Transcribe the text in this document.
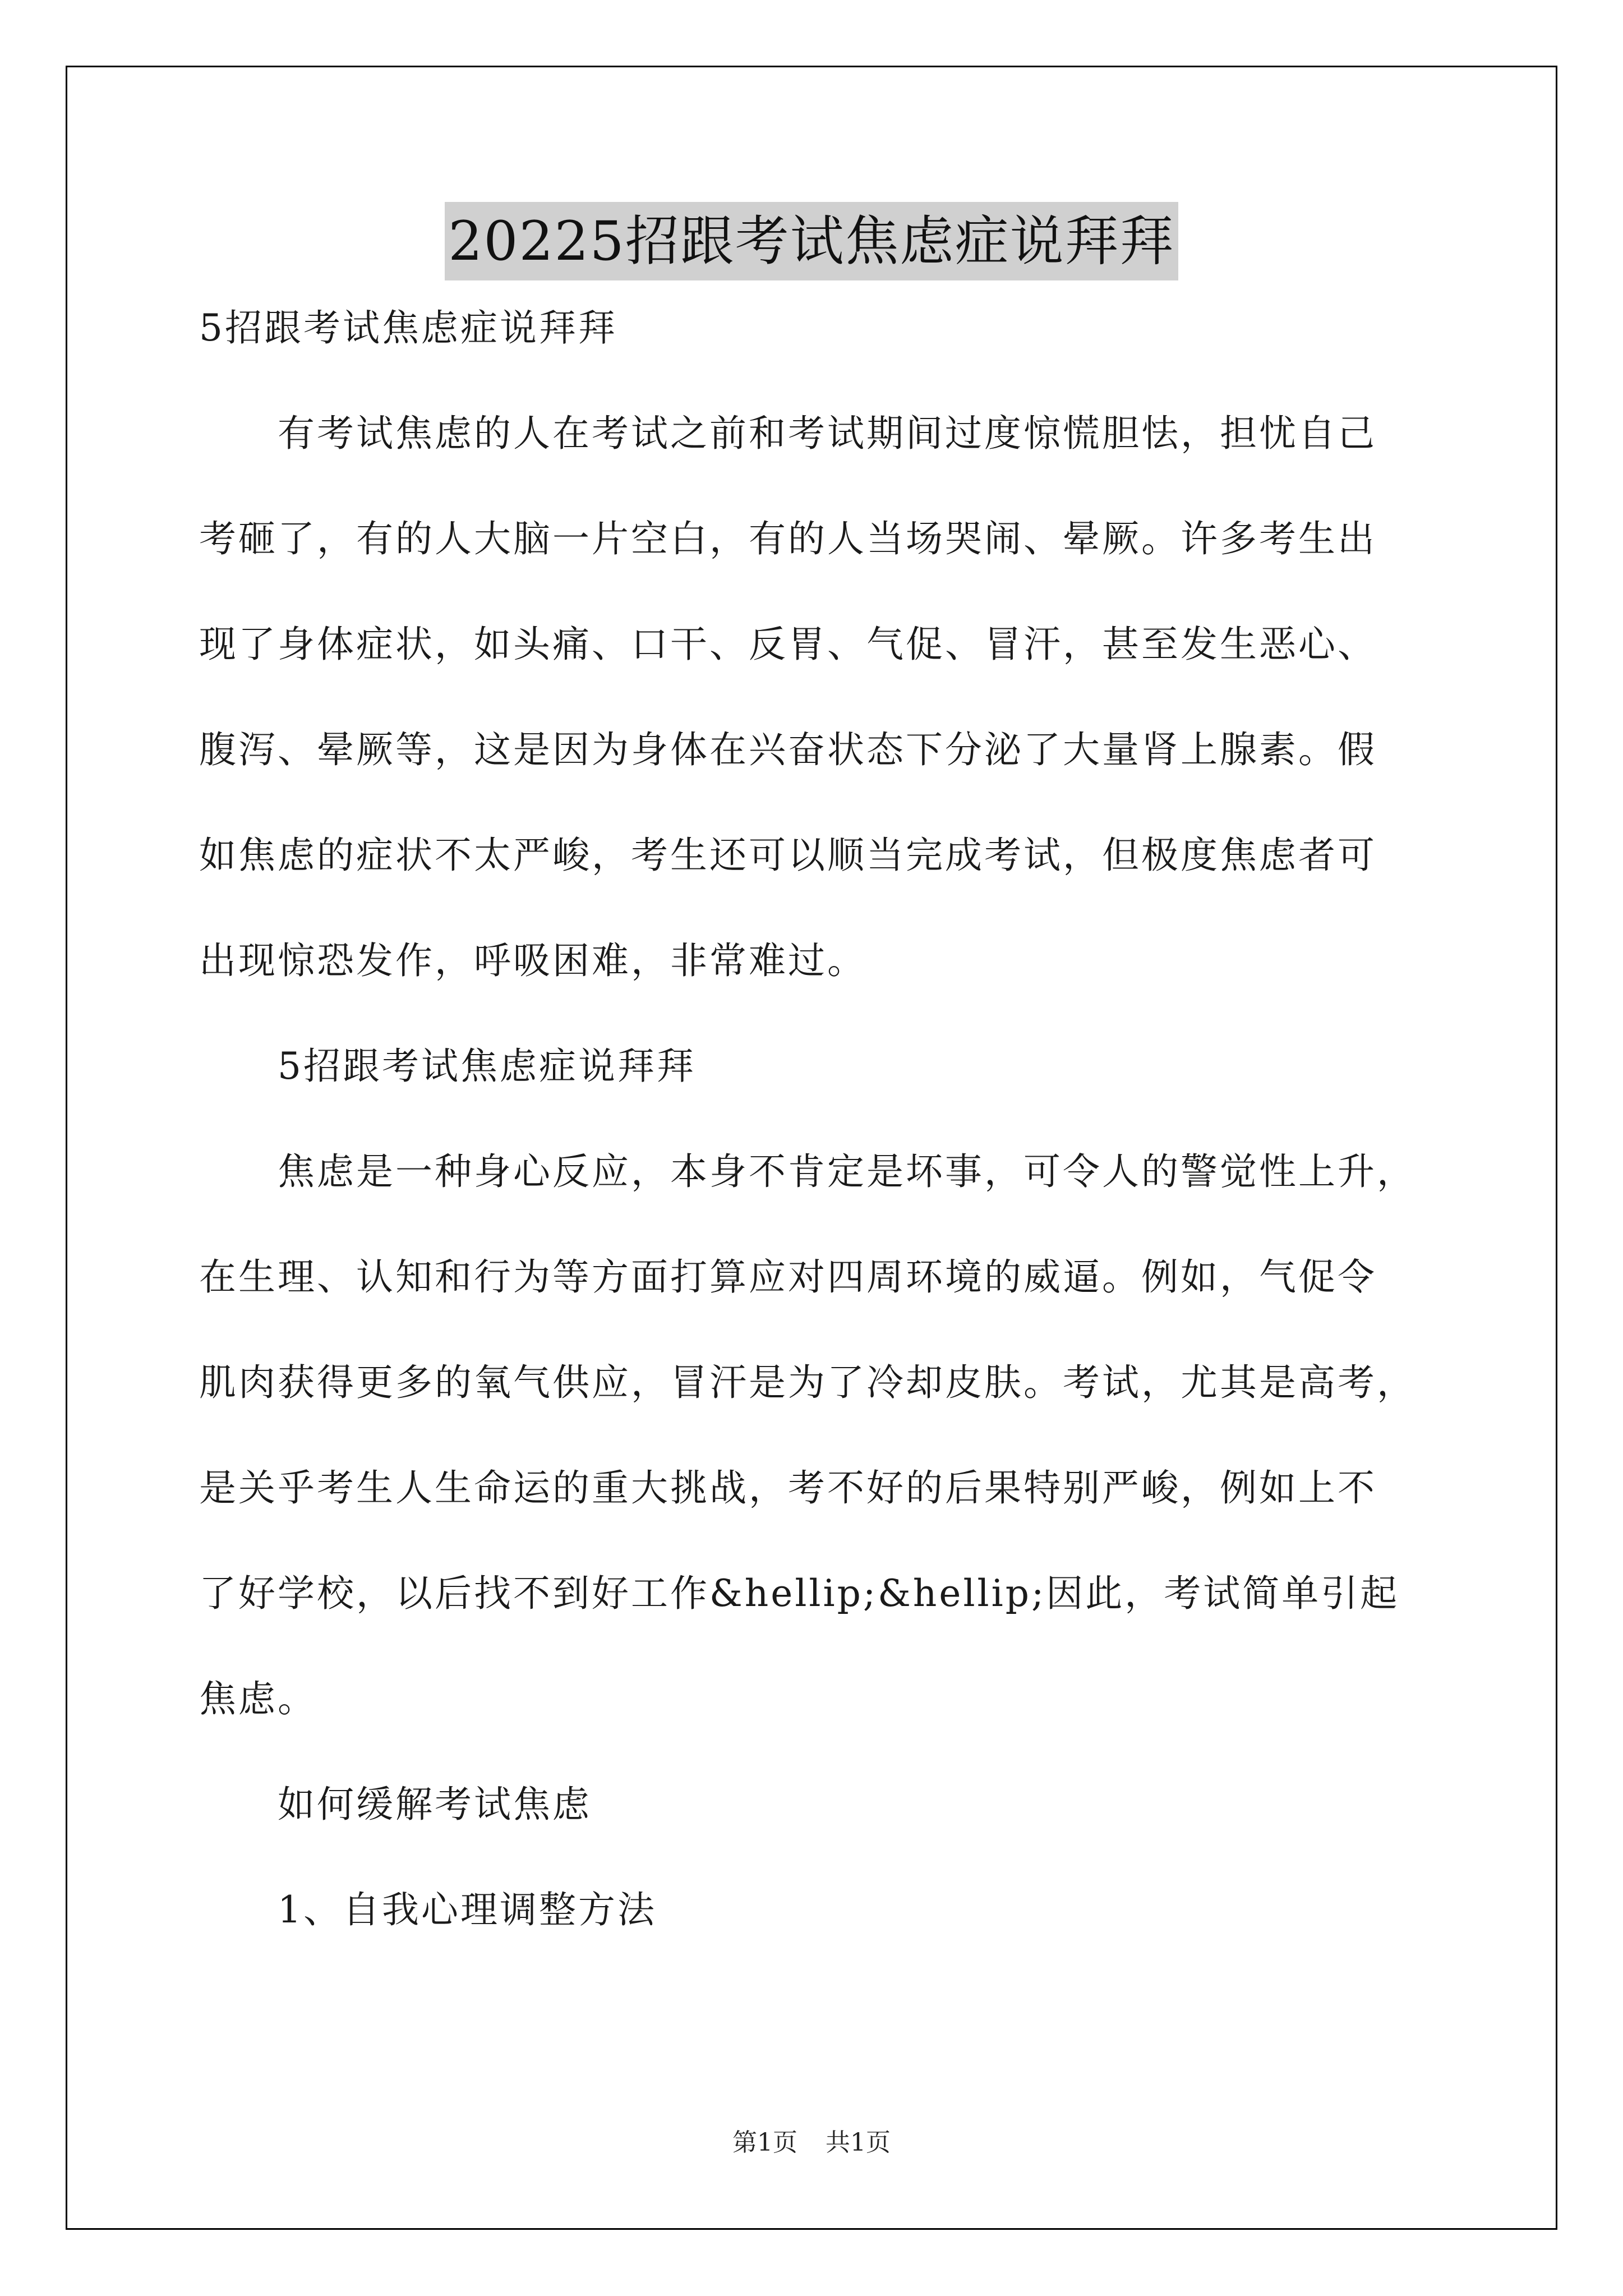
20225招跟考试焦虑症说拜拜
5招跟考试焦虑症说拜拜
有考试焦虑的人在考试之前和考试期间过度惊慌胆怯，担忧自己
考砸了，有的人大脑一片空白，有的人当场哭闹、晕厥。许多考生出
现了身体症状，如头痛、口干、反胃、气促、冒汗，甚至发生恶心、
腹泻、晕厥等，这是因为身体在兴奋状态下分泌了大量肾上腺素。假
如焦虑的症状不太严峻，考生还可以顺当完成考试，但极度焦虑者可
出现惊恐发作，呼吸困难，非常难过。
5招跟考试焦虑症说拜拜
焦虑是一种身心反应，本身不肯定是坏事，可令人的警觉性上升，
在生理、认知和行为等方面打算应对四周环境的威逼。例如，气促令
肌肉获得更多的氧气供应，冒汗是为了冷却皮肤。考试，尤其是高考，
是关乎考生人生命运的重大挑战，考不好的后果特别严峻，例如上不
了好学校，以后找不到好工作&hellip;&hellip;因此，考试简单引起
焦虑。
如何缓解考试焦虑
1、自我心理调整方法
第1页 共1页
